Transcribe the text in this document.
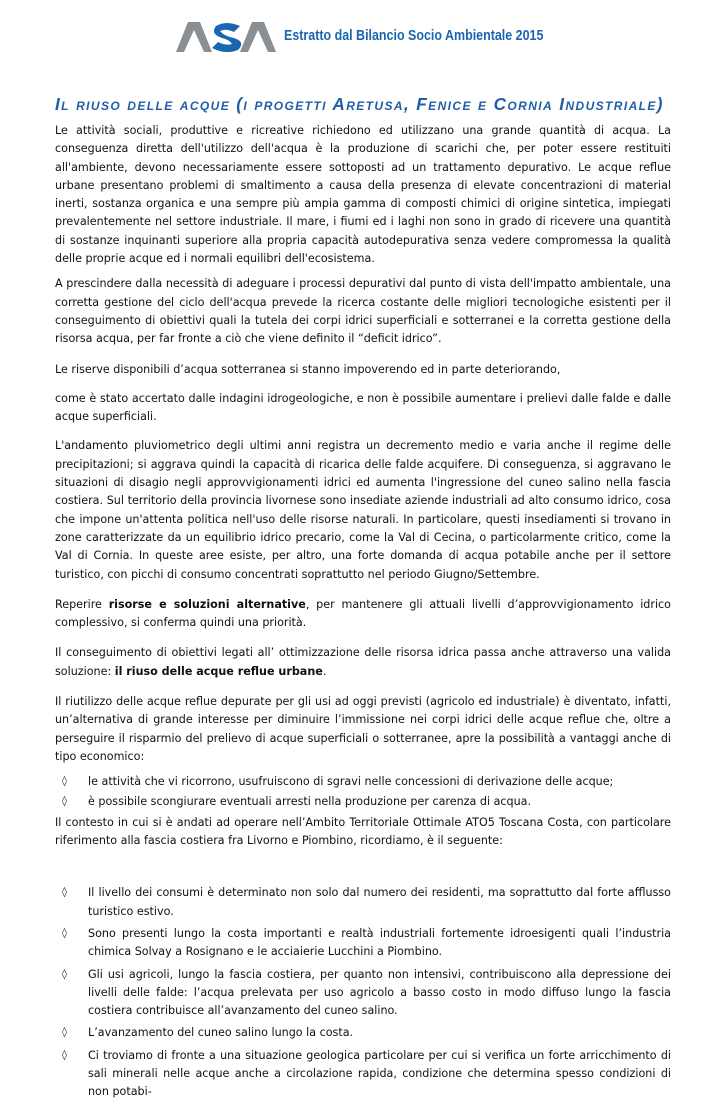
Estratto dal Bilancio Socio Ambientale 2015
Il riuso delle acque (i progetti Aretusa, Fenice e Cornia Industriale)

Le attività sociali, produttive e ricreative richiedono ed utilizzano una grande quantità di acqua. La conseguenza diretta dell'utilizzo dell'acqua è la produzione di scarichi che, per poter essere restituiti all'ambiente, devono necessariamente essere sottoposti ad un trattamento depurativo. Le acque reflue urbane presentano problemi di smaltimento a causa della presenza di elevate concentrazioni di material inerti, sostanza organica e una sempre più ampia gamma di composti chimici di origine sintetica, impiegati prevalentemente nel settore industriale. Il mare, i fiumi ed i laghi non sono in grado di ricevere una quantità di sostanze inquinanti superiore alla propria capacità autodepurativa senza vedere compromessa la qualità delle proprie acque ed i normali equilibri dell'ecosistema.

A prescindere dalla necessità di adeguare i processi depurativi dal punto di vista dell'impatto ambientale, una corretta gestione del ciclo dell'acqua prevede la ricerca costante delle migliori tecnologiche esistenti per il conseguimento di obiettivi quali la tutela dei corpi idrici superficiali e sotterranei e la corretta gestione della risorsa acqua, per far fronte a ciò che viene definito il “deficit idrico”.

Le riserve disponibili d’acqua sotterranea si stanno impoverendo ed in parte deteriorando,

come è stato accertato dalle indagini idrogeologiche, e non è possibile aumentare i prelievi dalle falde e dalle acque superficiali.

L'andamento pluviometrico degli ultimi anni registra un decremento medio e varia anche il regime delle precipitazioni; si aggrava quindi la capacità di ricarica delle falde acquifere. Di conseguenza, si aggravano le situazioni di disagio negli approvvigionamenti idrici ed aumenta l'ingressione del cuneo salino nella fascia costiera. Sul territorio della provincia livornese sono insediate aziende industriali ad alto consumo idrico, cosa che impone un'attenta politica nell'uso delle risorse naturali. In particolare, questi insediamenti si trovano in zone caratterizzate da un equilibrio idrico precario, come la Val di Cecina, o particolarmente critico, come la Val di Cornia. In queste aree esiste, per altro, una forte domanda di acqua potabile anche per il settore turistico, con picchi di consumo concentrati soprattutto nel periodo Giugno/Settembre.

Reperire risorse e soluzioni alternative, per mantenere gli attuali livelli d’approvvigionamento idrico complessivo, si conferma quindi una priorità.

Il conseguimento di obiettivi legati all’ ottimizzazione delle risorsa idrica passa anche attraverso una valida soluzione: il riuso delle acque reflue urbane.

Il riutilizzo delle acque reflue depurate per gli usi ad oggi previsti (agricolo ed industriale) è diventato, infatti, un’alternativa di grande interesse per diminuire l’immissione nei corpi idrici delle acque reflue che, oltre a perseguire il risparmio del prelievo di acque superficiali o sotterranee, apre la possibilità a vantaggi anche di tipo economico:

◊ le attività che vi ricorrono, usufruiscono di sgravi nelle concessioni di derivazione delle acque;
◊ è possibile scongiurare eventuali arresti nella produzione per carenza di acqua.

Il contesto in cui si è andati ad operare nell’Ambito Territoriale Ottimale ATO5 Toscana Costa, con particolare riferimento alla fascia costiera fra Livorno e Piombino, ricordiamo, è il seguente:

◊ Il livello dei consumi è determinato non solo dal numero dei residenti, ma soprattutto dal forte afflusso turistico estivo.
◊ Sono presenti lungo la costa importanti e realtà industriali fortemente idroesigenti quali l’industria chimica Solvay a Rosignano e le acciaierie Lucchini a Piombino.
◊ Gli usi agricoli, lungo la fascia costiera, per quanto non intensivi, contribuiscono alla depressione dei livelli delle falde: l’acqua prelevata per uso agricolo a basso costo in modo diffuso lungo la fascia costiera contribuisce all’avanzamento del cuneo salino.
◊ L’avanzamento del cuneo salino lungo la costa.
◊ Ci troviamo di fronte a una situazione geologica particolare per cui si verifica un forte arricchimento di sali minerali nelle acque anche a circolazione rapida, condizione che determina spesso condizioni di non potabi-
